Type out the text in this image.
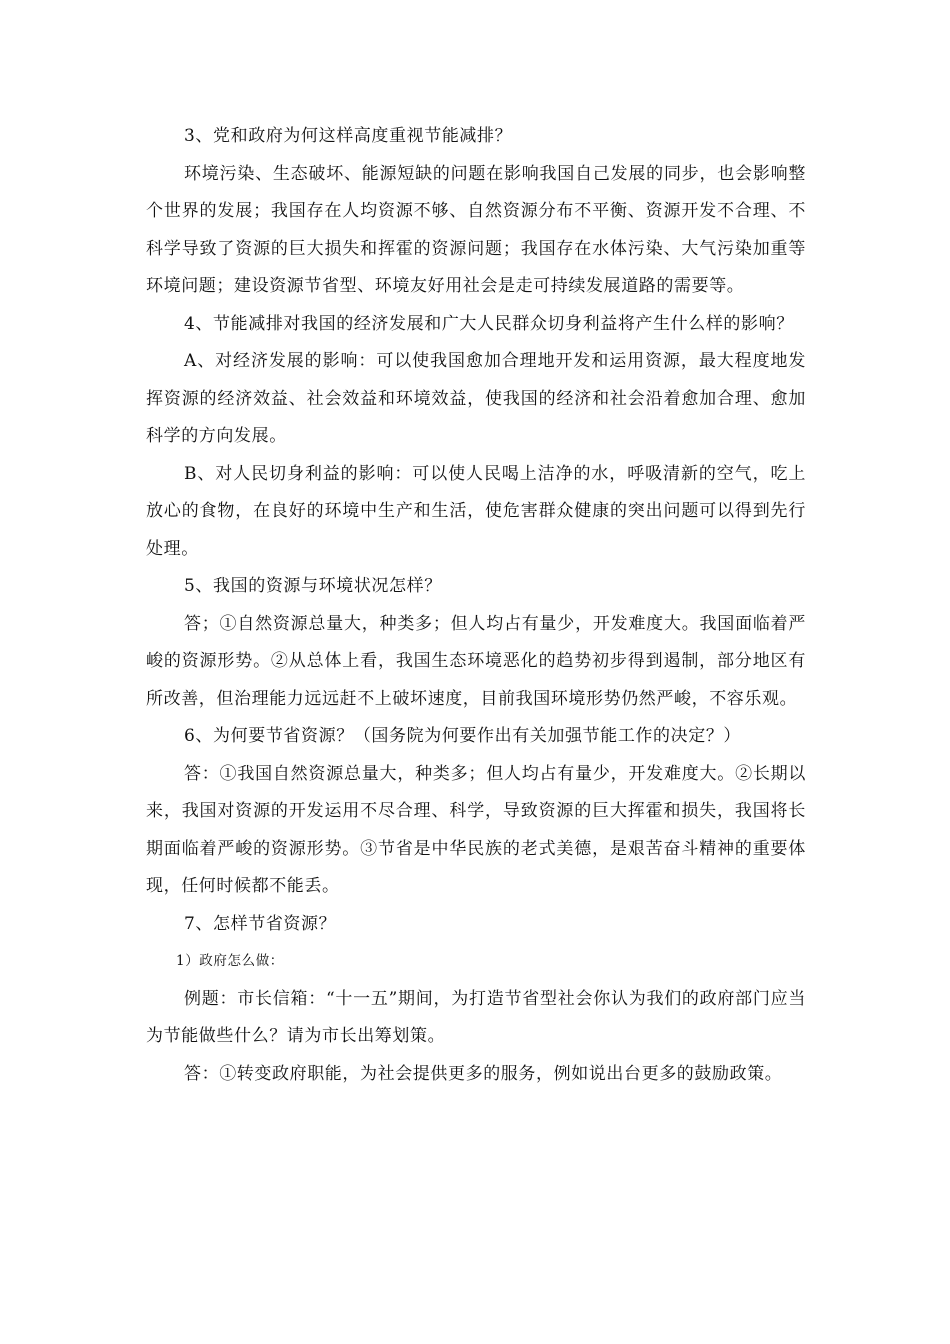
3、党和政府为何这样高度重视节能减排？

环境污染、生态破坏、能源短缺的问题在影响我国自己发展的同步，也会影响整个世界的发展；我国存在人均资源不够、自然资源分布不平衡、资源开发不合理、不科学导致了资源的巨大损失和挥霍的资源问题；我国存在水体污染、大气污染加重等环境问题；建设资源节省型、环境友好用社会是走可持续发展道路的需要等。

4、节能减排对我国的经济发展和广大人民群众切身利益将产生什么样的影响？

A、对经济发展的影响：可以使我国愈加合理地开发和运用资源，最大程度地发挥资源的经济效益、社会效益和环境效益，使我国的经济和社会沿着愈加合理、愈加科学的方向发展。

B、对人民切身利益的影响：可以使人民喝上洁净的水，呼吸清新的空气，吃上放心的食物，在良好的环境中生产和生活，使危害群众健康的突出问题可以得到先行处理。

5、我国的资源与环境状况怎样？

答；①自然资源总量大，种类多；但人均占有量少，开发难度大。我国面临着严峻的资源形势。②从总体上看，我国生态环境恶化的趋势初步得到遏制，部分地区有所改善，但治理能力远远赶不上破坏速度，目前我国环境形势仍然严峻，不容乐观。

6、为何要节省资源？（国务院为何要作出有关加强节能工作的决定？）

答：①我国自然资源总量大，种类多；但人均占有量少，开发难度大。②长期以来，我国对资源的开发运用不尽合理、科学，导致资源的巨大挥霍和损失，我国将长期面临着严峻的资源形势。③节省是中华民族的老式美德，是艰苦奋斗精神的重要体现，任何时候都不能丢。

7、怎样节省资源？

1）政府怎么做：

例题：市长信箱：“十一五”期间，为打造节省型社会你认为我们的政府部门应当为节能做些什么？请为市长出筹划策。

答：①转变政府职能，为社会提供更多的服务，例如说出台更多的鼓励政策。
